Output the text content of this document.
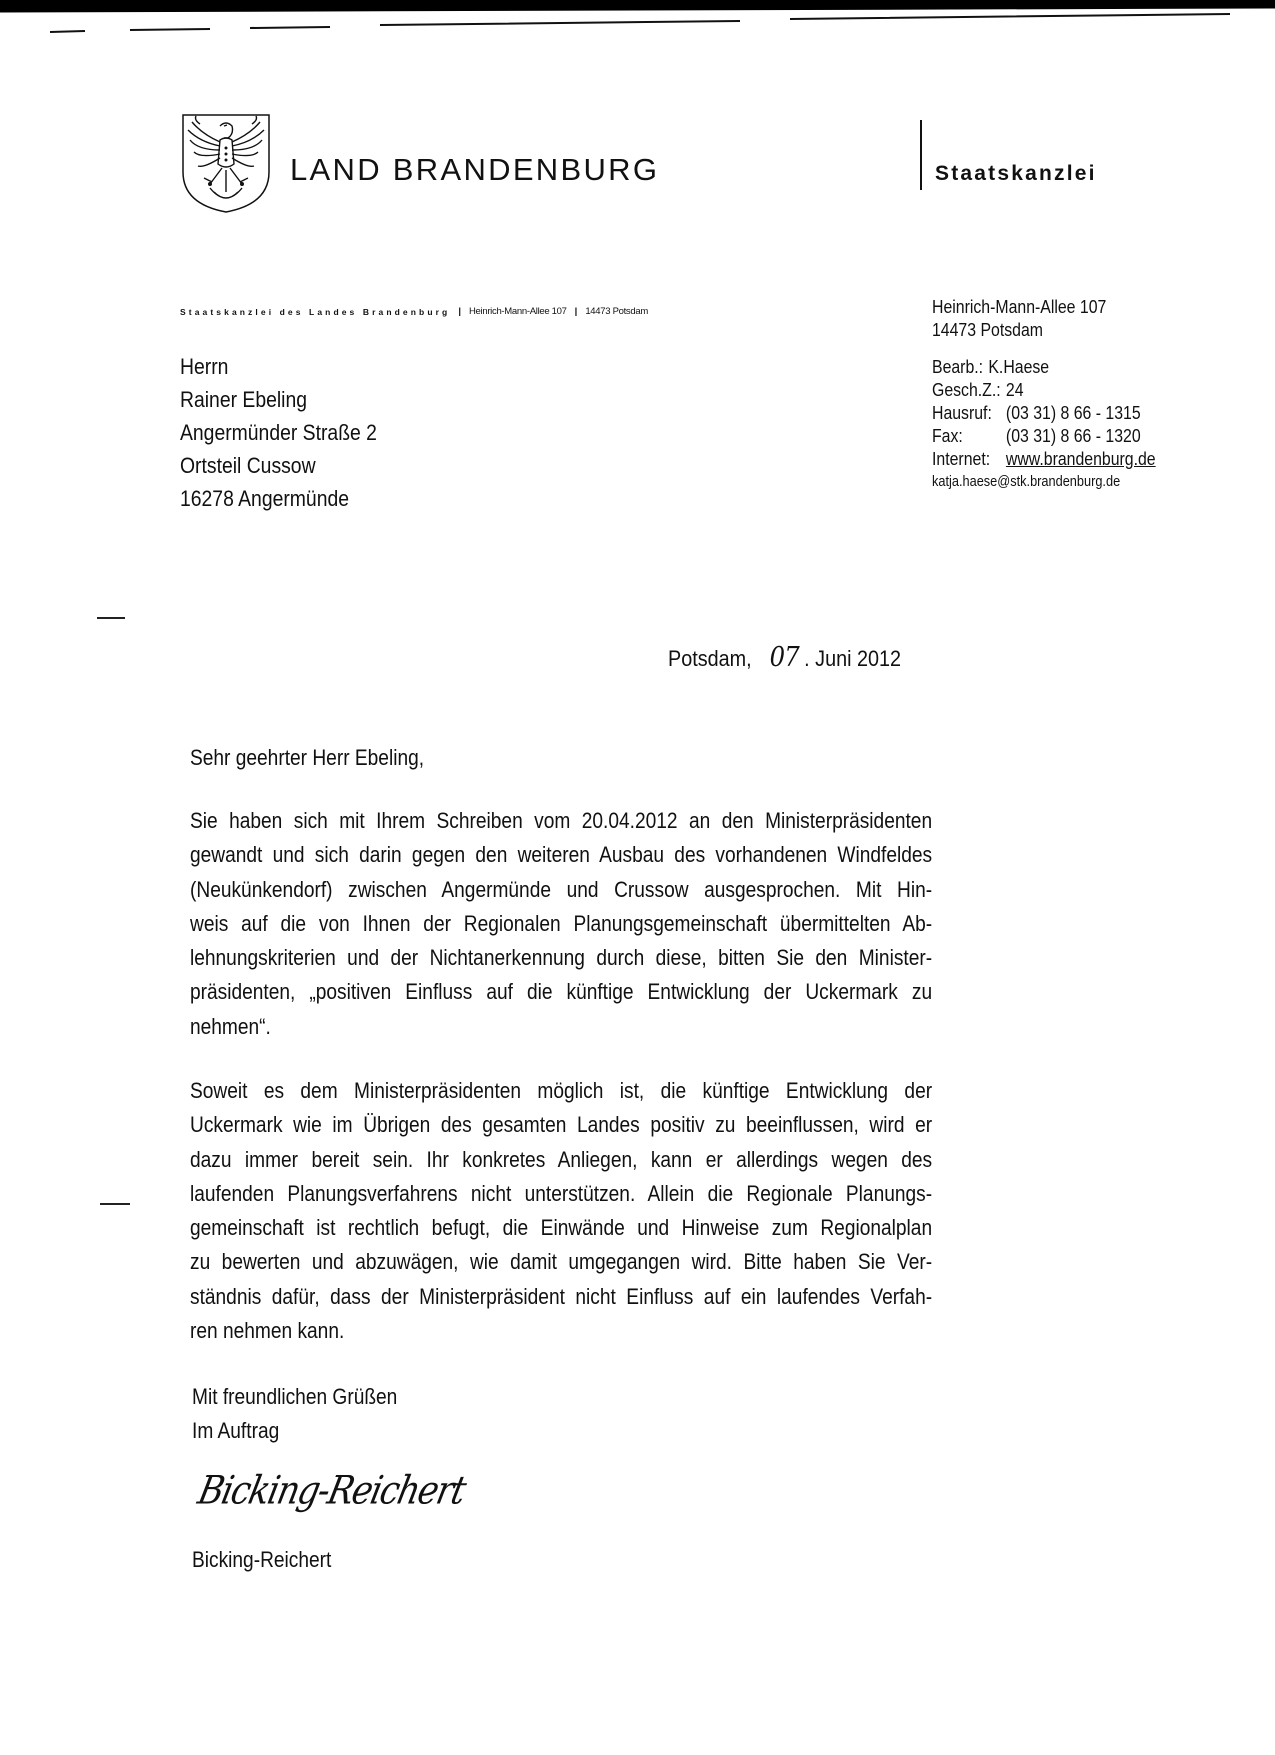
LAND BRANDENBURG	Staatskanzlei
Staatskanzlei des Landes Brandenburg | Heinrich-Mann-Allee 107 | 14473 Potsdam
Herrn
Rainer Ebeling
Angermünder Straße 2
Ortsteil Cussow
16278 Angermünde
Heinrich-Mann-Allee 107
14473 Potsdam
Bearb.: K.Haese
Gesch.Z.: 24
Hausruf: (03 31) 8 66 - 1315
Fax: (03 31) 8 66 - 1320
Internet: www.brandenburg.de
katja.haese@stk.brandenburg.de
Potsdam, 07 . Juni 2012
Sehr geehrter Herr Ebeling,
Sie haben sich mit Ihrem Schreiben vom 20.04.2012 an den Ministerpräsidenten
gewandt und sich darin gegen den weiteren Ausbau des vorhandenen Windfeldes
(Neukünkendorf) zwischen Angermünde und Crussow ausgesprochen. Mit Hin-
weis auf die von Ihnen der Regionalen Planungsgemeinschaft übermittelten Ab-
lehnungskriterien und der Nichtanerkennung durch diese, bitten Sie den Minister-
präsidenten, „positiven Einfluss auf die künftige Entwicklung der Uckermark zu
nehmen“.
Soweit es dem Ministerpräsidenten möglich ist, die künftige Entwicklung der
Uckermark wie im Übrigen des gesamten Landes positiv zu beeinflussen, wird er
dazu immer bereit sein. Ihr konkretes Anliegen, kann er allerdings wegen des
laufenden Planungsverfahrens nicht unterstützen. Allein die Regionale Planungs-
gemeinschaft ist rechtlich befugt, die Einwände und Hinweise zum Regionalplan
zu bewerten und abzuwägen, wie damit umgegangen wird. Bitte haben Sie Ver-
ständnis dafür, dass der Ministerpräsident nicht Einfluss auf ein laufendes Verfah-
ren nehmen kann.
Mit freundlichen Grüßen
Im Auftrag
Bicking-Reichert
Bicking-Reichert
